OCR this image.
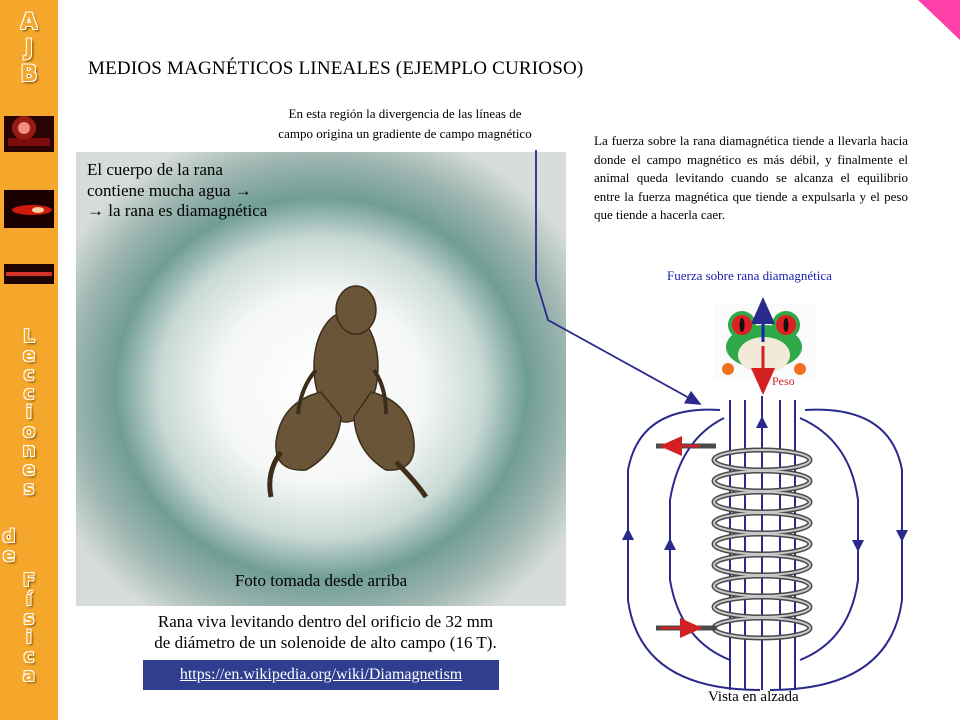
A
J
B
L
e
c
c
i
o
n
e
s
d
e
F
í
s
i
c
a
MEDIOS MAGNÉTICOS LINEALES (EJEMPLO CURIOSO)
En esta región la divergencia de las líneas de
campo origina un gradiente de campo magnético	La fuerza sobre la rana diamagnética tiende a llevarla hacia donde el campo magnético es más débil, y finalmente el animal queda levitando cuando se alcanza el equilibrio entre la fuerza magnética que tiende a expulsarla y el peso que tiende a hacerla caer.
El cuerpo de la rana
contiene mucha agua →
→ la rana es diamagnética
Foto tomada desde arriba
Rana viva levitando dentro del orificio de 32 mm
de diámetro de un solenoide de alto campo (16 T).
https://en.wikipedia.org/wiki/Diamagnetism
Fuerza sobre rana diamagnética
Peso
Vista en alzada
